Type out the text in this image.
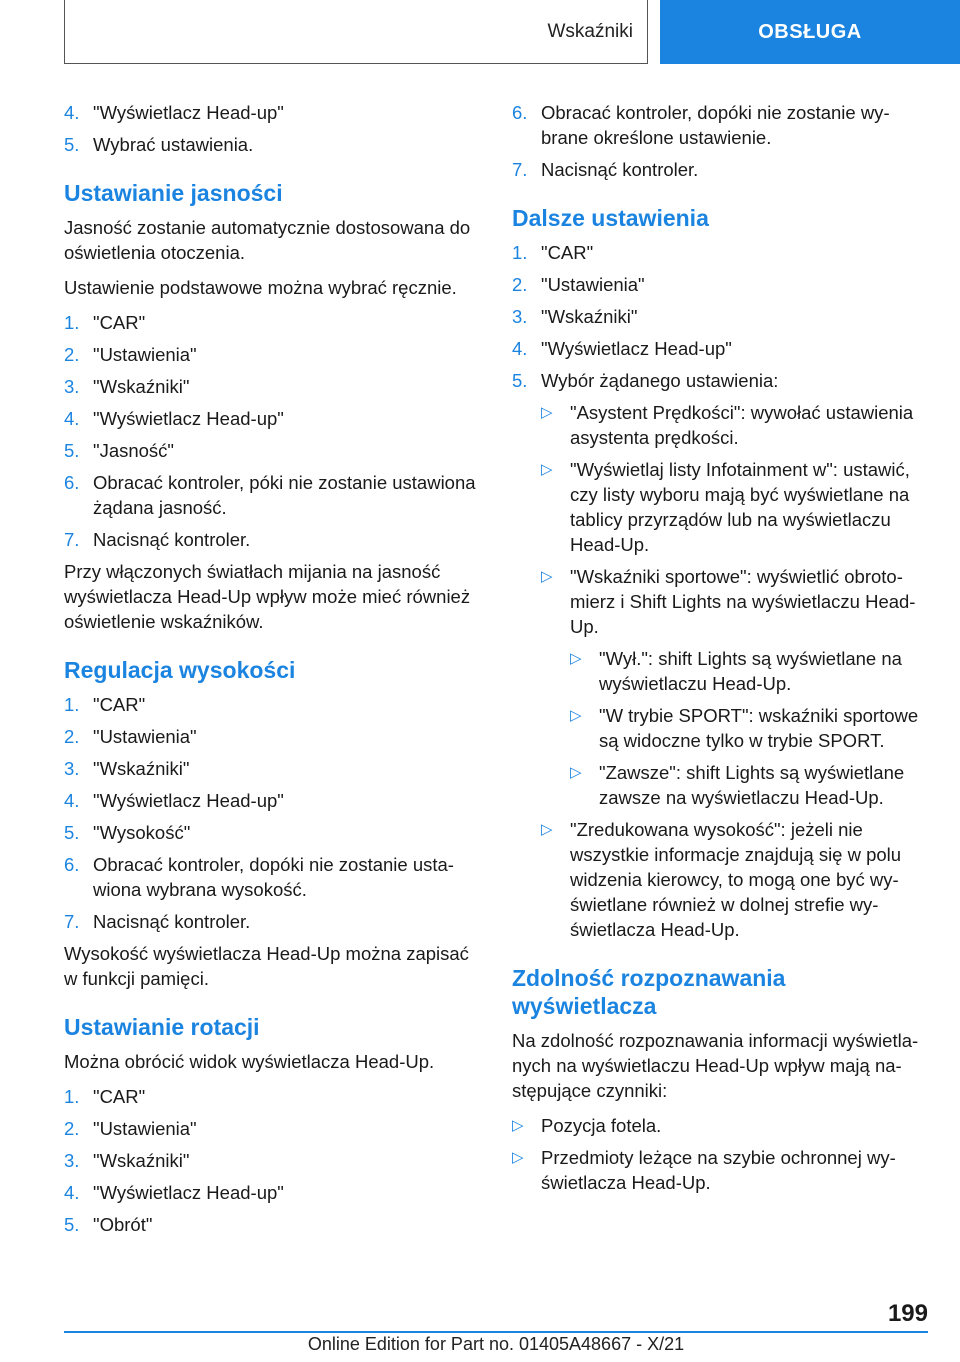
Wskaźniki	OBSŁUGA
4. "Wyświetlacz Head-up"
5. Wybrać ustawienia.
Ustawianie jasności

Jasność zostanie automatycznie dostosowana do oświetlenia otoczenia.

Ustawienie podstawowe można wybrać ręcznie.

1. "CAR"
2. "Ustawienia"
3. "Wskaźniki"
4. "Wyświetlacz Head-up"
5. "Jasność"
6. Obracać kontroler, póki nie zostanie ustawiona żądana jasność.
7. Nacisnąć kontroler.

Przy włączonych światłach mijania na jasność wyświetlacza Head-Up wpływ może mieć również oświetlenie wskaźników.

Regulacja wysokości
1. "CAR"
2. "Ustawienia"
3. "Wskaźniki"
4. "Wyświetlacz Head-up"
5. "Wysokość"
6. Obracać kontroler, dopóki nie zostanie ustawiona wybrana wysokość.
7. Nacisnąć kontroler.

Wysokość wyświetlacza Head-Up można zapisać w funkcji pamięci.

Ustawianie rotacji

Można obrócić widok wyświetlacza Head-Up.

1. "CAR"
2. "Ustawienia"
3. "Wskaźniki"
4. "Wyświetlacz Head-up"
5. "Obrót"
6. Obracać kontroler, dopóki nie zostanie wybrane określone ustawienie.
7. Nacisnąć kontroler.
Dalsze ustawienia
1. "CAR"
2. "Ustawienia"
3. "Wskaźniki"
4. "Wyświetlacz Head-up"
5. Wybór żądanego ustawienia:
▷ "Asystent Prędkości": wywołać ustawienia asystenta prędkości.
▷ "Wyświetlaj listy Infotainment w": ustawić, czy listy wyboru mają być wyświetlane na tablicy przyrządów lub na wyświetlaczu Head-Up.
▷ "Wskaźniki sportowe": wyświetlić obrotomierz i Shift Lights na wyświetlaczu Head-Up.
▷ "Wył.": shift Lights są wyświetlane na wyświetlaczu Head-Up.
▷ "W trybie SPORT": wskaźniki sportowe są widoczne tylko w trybie SPORT.
▷ "Zawsze": shift Lights są wyświetlane zawsze na wyświetlaczu Head-Up.
▷ "Zredukowana wysokość": jeżeli nie wszystkie informacje znajdują się w polu widzenia kierowcy, to mogą one być wyświetlane również w dolnej strefie wyświetlacza Head-Up.
Zdolność rozpoznawania wyświetlacza

Na zdolność rozpoznawania informacji wyświetlanych na wyświetlaczu Head-Up wpływ mają następujące czynniki:

▷ Pozycja fotela.
▷ Przedmioty leżące na szybie ochronnej wyświetlacza Head-Up.
199
Online Edition for Part no. 01405A48667 - X/21
